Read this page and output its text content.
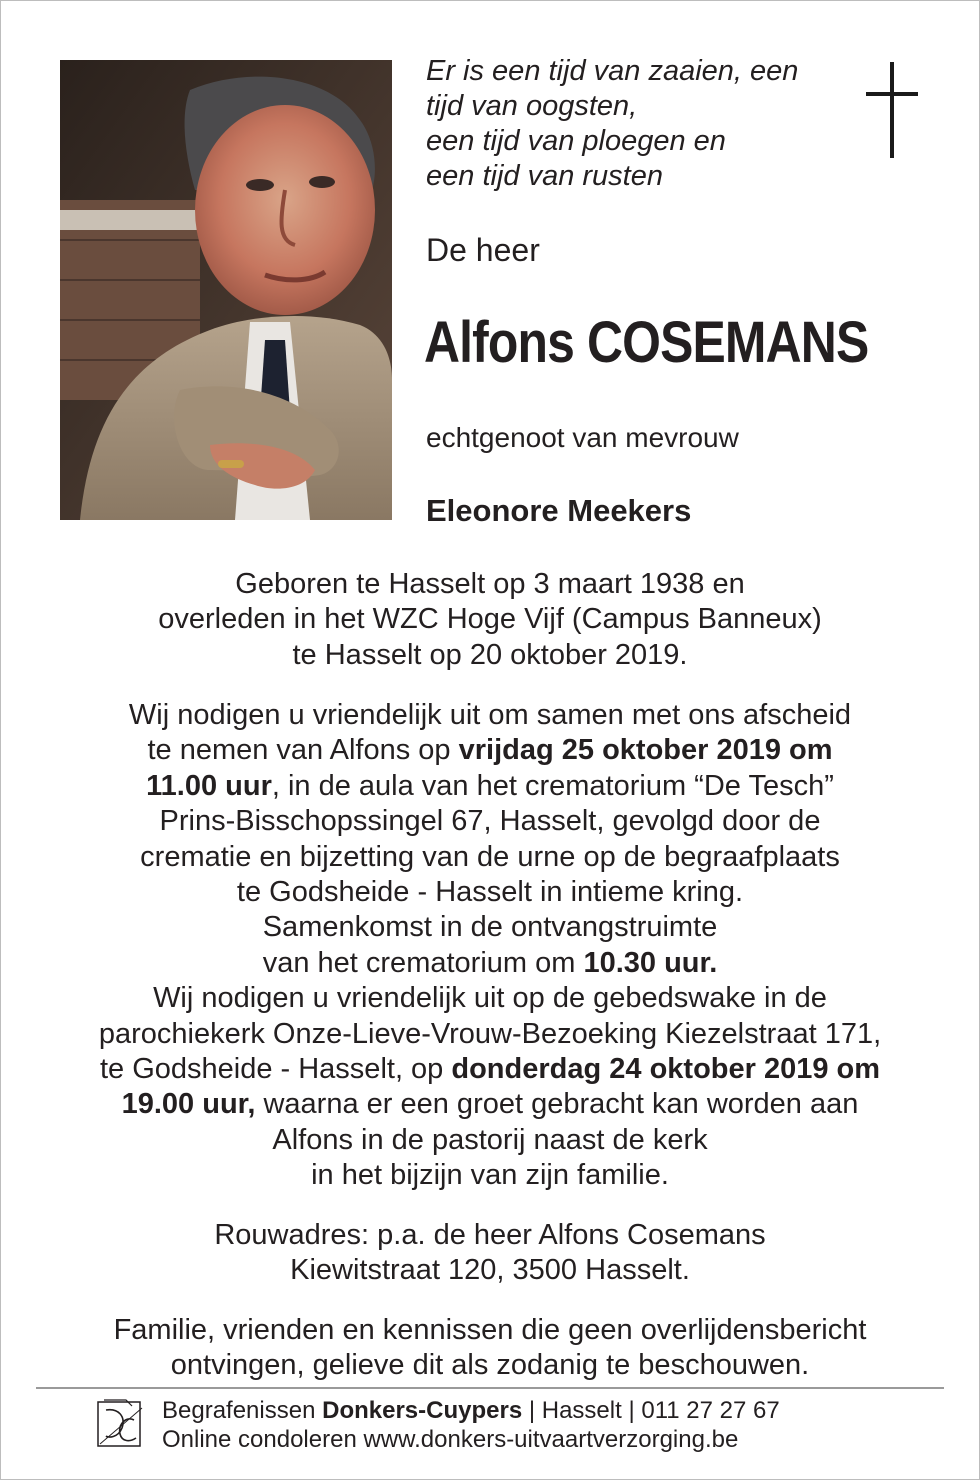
Er is een tijd van zaaien, een
tijd van oogsten,
een tijd van ploegen en
een tijd van rusten
De heer
Alfons COSEMANS
echtgenoot van mevrouw
Eleonore Meekers
Geboren te Hasselt op 3 maart 1938 en
overleden in het WZC Hoge Vijf (Campus Banneux)
te Hasselt op 20 oktober 2019.
Wij nodigen u vriendelijk uit om samen met ons afscheid
te nemen van Alfons op vrijdag 25 oktober 2019 om
11.00 uur, in de aula van het crematorium “De Tesch”
Prins-Bisschopssingel 67, Hasselt, gevolgd door de
crematie en bijzetting van de urne op de begraafplaats
te Godsheide - Hasselt in intieme kring.
Samenkomst in de ontvangstruimte
van het crematorium om 10.30 uur.
Wij nodigen u vriendelijk uit op de gebedswake in de
parochiekerk Onze-Lieve-Vrouw-Bezoeking Kiezelstraat 171,
te Godsheide - Hasselt, op donderdag 24 oktober 2019 om
19.00 uur, waarna er een groet gebracht kan worden aan
Alfons in de pastorij naast de kerk
in het bijzijn van zijn familie.
Rouwadres: p.a. de heer Alfons Cosemans
Kiewitstraat 120, 3500 Hasselt.
Familie, vrienden en kennissen die geen overlijdensbericht
ontvingen, gelieve dit als zodanig te beschouwen.
Begrafenissen Donkers-Cuypers | Hasselt | 011 27 27 67
Online condoleren www.donkers-uitvaartverzorging.be
